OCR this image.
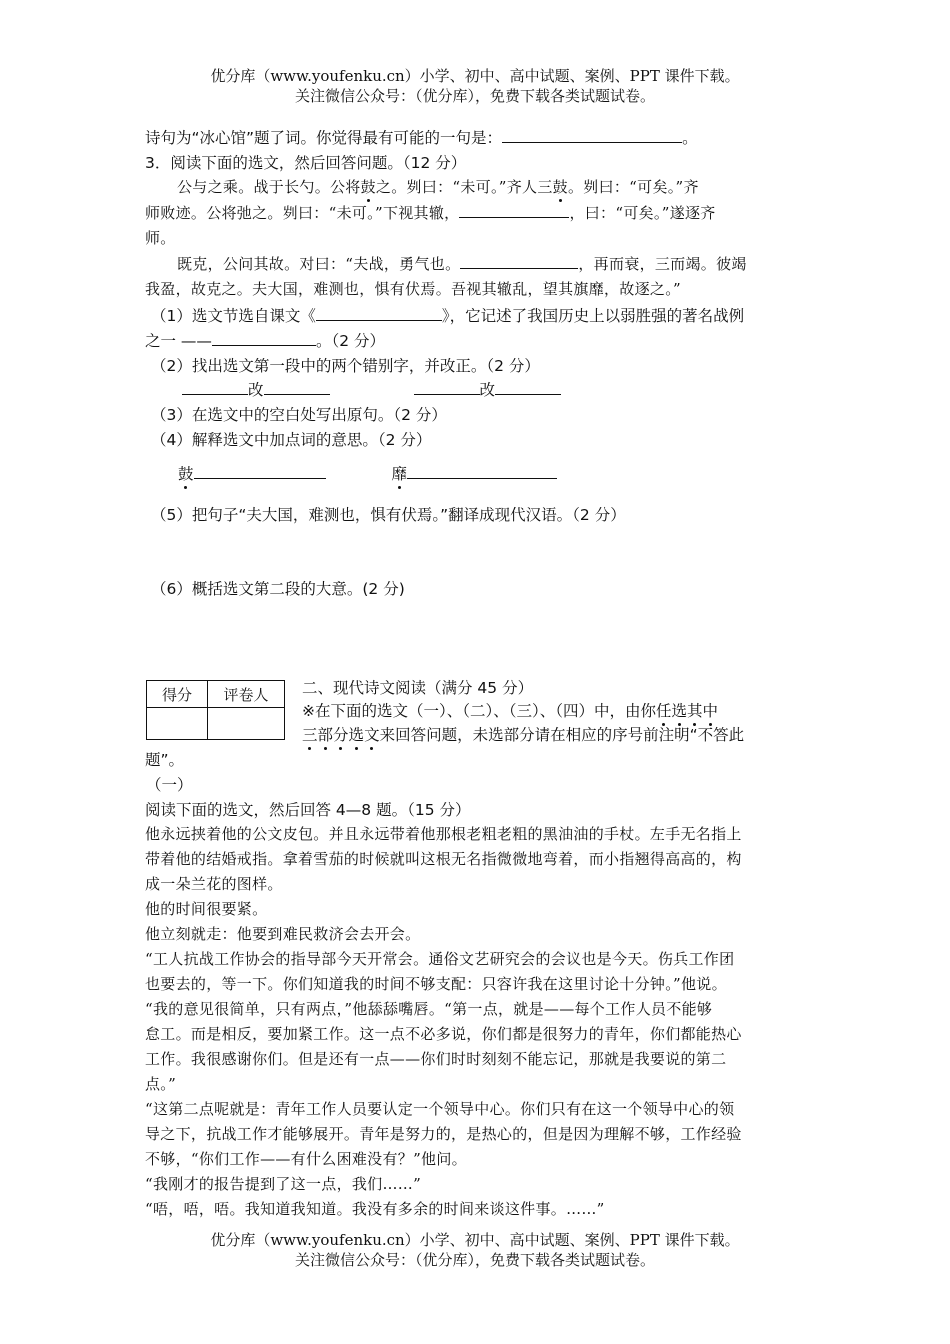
优分库（www.youfenku.cn）小学、初中、高中试题、案例、PPT 课件下载。
关注微信公众号：（优分库），免费下载各类试题试卷。
诗句为“冰心馆”题了词。你觉得最有可能的一句是：	。
3．阅读下面的选文，然后回答问题。（12 分）
公与之乘。战于长勺。公将鼓之。刿曰：“未可。”齐人三鼓。刿曰：“可矣。”齐
师败迹。公将弛之。刿曰：“未可。”下视其辙，	，曰：“可矣。”遂逐齐
师。
既克，公问其故。对曰：“夫战，勇气也。	，再而衰，三而竭。彼竭
我盈，故克之。夫大国，难测也，惧有伏焉。吾视其辙乱，望其旗靡，故逐之。”
（1）选文节选自课文《	》，它记述了我国历史上以弱胜强的著名战例
之一 ——	。（2 分）
（2）找出选文第一段中的两个错别字，并改正。（2 分）
改	改
（3）在选文中的空白处写出原句。（2 分）
（4）解释选文中加点词的意思。（2 分）
鼓	靡
（5）把句子“夫大国，难测也，惧有伏焉。”翻译成现代汉语。（2 分）
（6）概括选文第二段的大意。(2 分)
得分	评卷人
	二、现代诗文阅读（满分 45 分）
※在下面的选文（一）、（二）、（三）、（四）中，由你任选其中
三部分选文来回答问题，未选部分请在相应的序号前注明“不答此
题”。
（一）
阅读下面的选文，然后回答 4—8 题。（15 分）
他永远挟着他的公文皮包。并且永远带着他那根老粗老粗的黑油油的手杖。左手无名指上
带着他的结婚戒指。拿着雪茄的时候就叫这根无名指微微地弯着，而小指翘得高高的，构
成一朵兰花的图样。
他的时间很要紧。
他立刻就走：他要到难民救济会去开会。
“工人抗战工作协会的指导部今天开常会。通俗文艺研究会的会议也是今天。伤兵工作团
也要去的，等一下。你们知道我的时间不够支配：只容许我在这里讨论十分钟。”他说。
“我的意见很简单，只有两点，”他舔舔嘴唇。“第一点，就是——每个工作人员不能够
怠工。而是相反，要加紧工作。这一点不必多说，你们都是很努力的青年，你们都能热心
工作。我很感谢你们。但是还有一点——你们时时刻刻不能忘记，那就是我要说的第二
点。”
“这第二点呢就是：青年工作人员要认定一个领导中心。你们只有在这一个领导中心的领
导之下，抗战工作才能够展开。青年是努力的，是热心的，但是因为理解不够，工作经验
不够，“你们工作——有什么困难没有？”他问。
“我刚才的报告提到了这一点，我们……”
“唔，唔，唔。我知道我知道。我没有多余的时间来谈这件事。……”
优分库（www.youfenku.cn）小学、初中、高中试题、案例、PPT 课件下载。
关注微信公众号：（优分库），免费下载各类试题试卷。
